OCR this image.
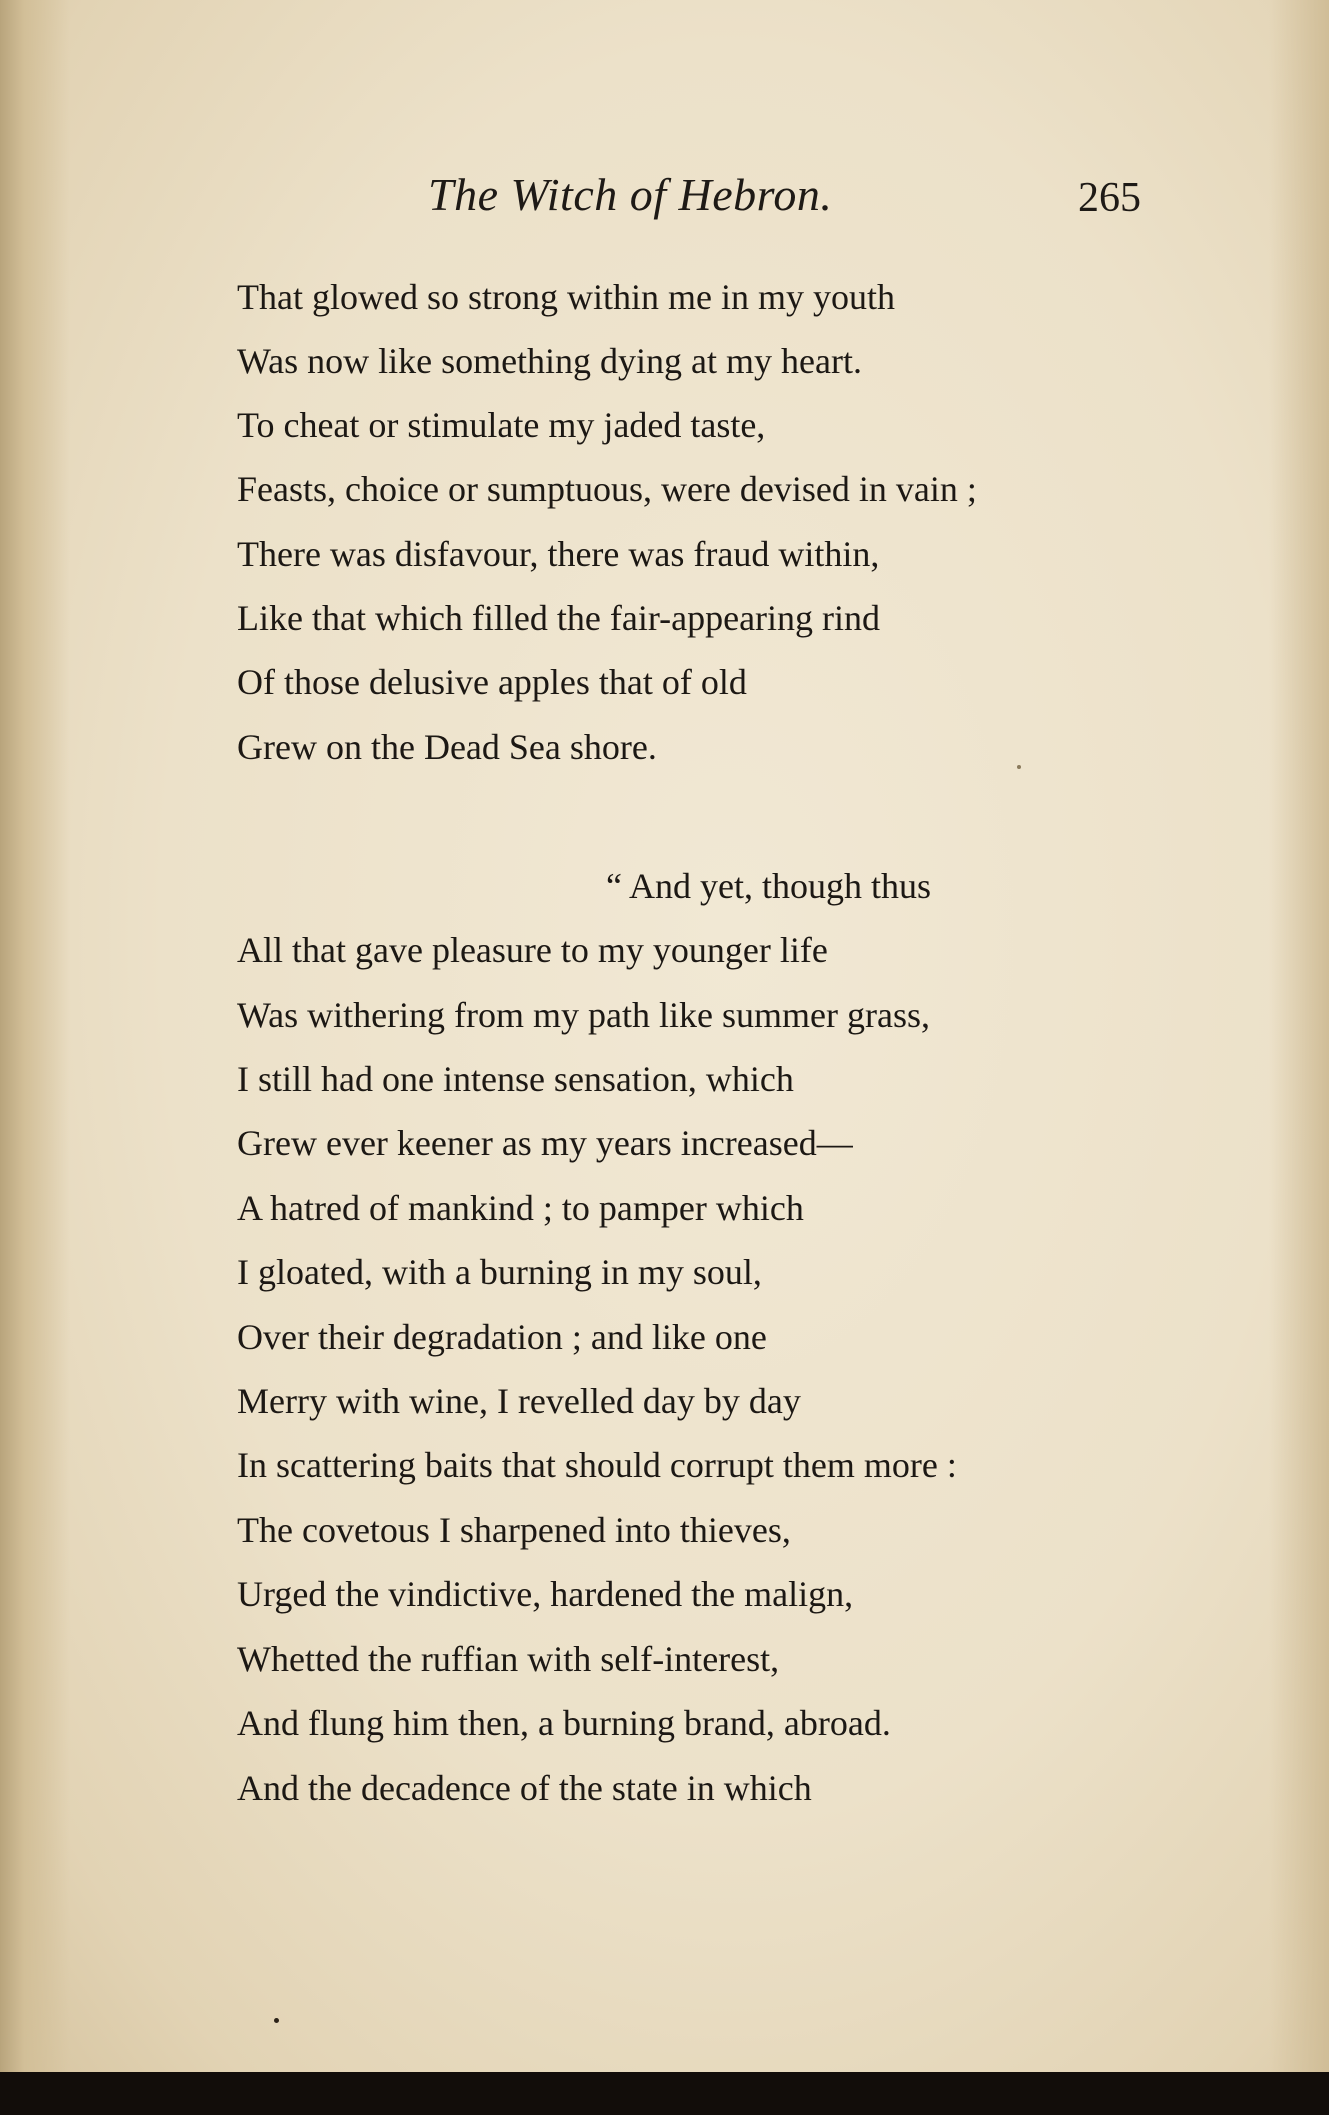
The Witch of Hebron.	265
That glowed so strong within me in my youth
Was now like something dying at my heart.
To cheat or stimulate my jaded taste,
Feasts, choice or sumptuous, were devised in vain ;
There was disfavour, there was fraud within,
Like that which filled the fair-appearing rind
Of those delusive apples that of old
Grew on the Dead Sea shore.
“ And yet, though thus
All that gave pleasure to my younger life
Was withering from my path like summer grass,
I still had one intense sensation, which
Grew ever keener as my years increased—
A hatred of mankind ; to pamper which
I gloated, with a burning in my soul,
Over their degradation ; and like one
Merry with wine, I revelled day by day
In scattering baits that should corrupt them more :
The covetous I sharpened into thieves,
Urged the vindictive, hardened the malign,
Whetted the ruffian with self-interest,
And flung him then, a burning brand, abroad.
And the decadence of the state in which
